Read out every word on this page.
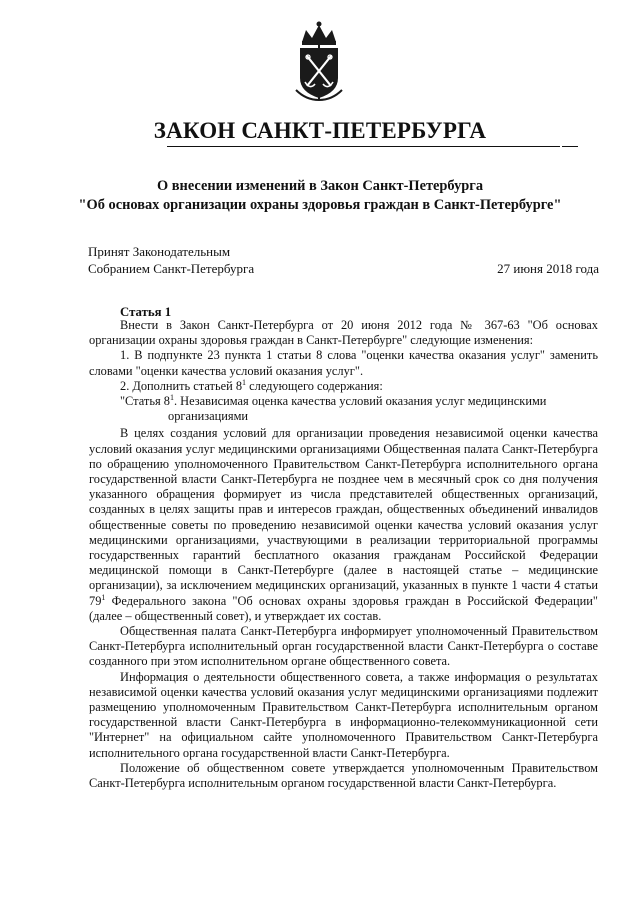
ЗАКОН САНКТ-ПЕТЕРБУРГА
О внесении изменений в Закон Санкт-Петербурга
"Об основах организации охраны здоровья граждан в Санкт-Петербурге"
Принят Законодательным
Собранием Санкт-Петербурга	27 июня 2018 года
Статья 1

Внести в Закон Санкт-Петербурга от 20 июня 2012 года № 367-63 "Об основах организации охраны здоровья граждан в Санкт-Петербурге" следующие изменения:

1. В подпункте 23 пункта 1 статьи 8 слова "оценки качества оказания услуг" заменить словами "оценки качества условий оказания услуг".

2. Дополнить статьей $8^1$ следующего содержания:

"Статья $8^1$. Независимая оценка качества условий оказания услуг медицинскими

организациями

В целях создания условий для организации проведения независимой оценки качества условий оказания услуг медицинскими организациями Общественная палата Санкт-Петербурга по обращению уполномоченного Правительством Санкт-Петербурга исполнительного органа государственной власти Санкт-Петербурга не позднее чем в месячный срок со дня получения указанного обращения формирует из числа представителей общественных организаций, созданных в целях защиты прав и интересов граждан, общественных объединений инвалидов общественные советы по проведению независимой оценки качества условий оказания услуг медицинскими организациями, участвующими в реализации территориальной программы государственных гарантий бесплатного оказания гражданам Российской Федерации медицинской помощи в Санкт-Петербурге (далее в настоящей статье – медицинские организации), за исключением медицинских организаций, указанных в пункте 1 части 4 статьи $79^1$ Федерального закона "Об основах охраны здоровья граждан в Российской Федерации" (далее – общественный совет), и утверждает их состав.

Общественная палата Санкт-Петербурга информирует уполномоченный Правительством Санкт-Петербурга исполнительный орган государственной власти Санкт-Петербурга о составе созданного при этом исполнительном органе общественного совета.

Информация о деятельности общественного совета, а также информация о результатах независимой оценки качества условий оказания услуг медицинскими организациями подлежит размещению уполномоченным Правительством Санкт-Петербурга исполнительным органом государственной власти Санкт-Петербурга в информационно-телекоммуникационной сети "Интернет" на официальном сайте уполномоченного Правительством Санкт-Петербурга исполнительного органа государственной власти Санкт-Петербурга.

Положение об общественном совете утверждается уполномоченным Правительством Санкт-Петербурга исполнительным органом государственной власти Санкт-Петербурга.
